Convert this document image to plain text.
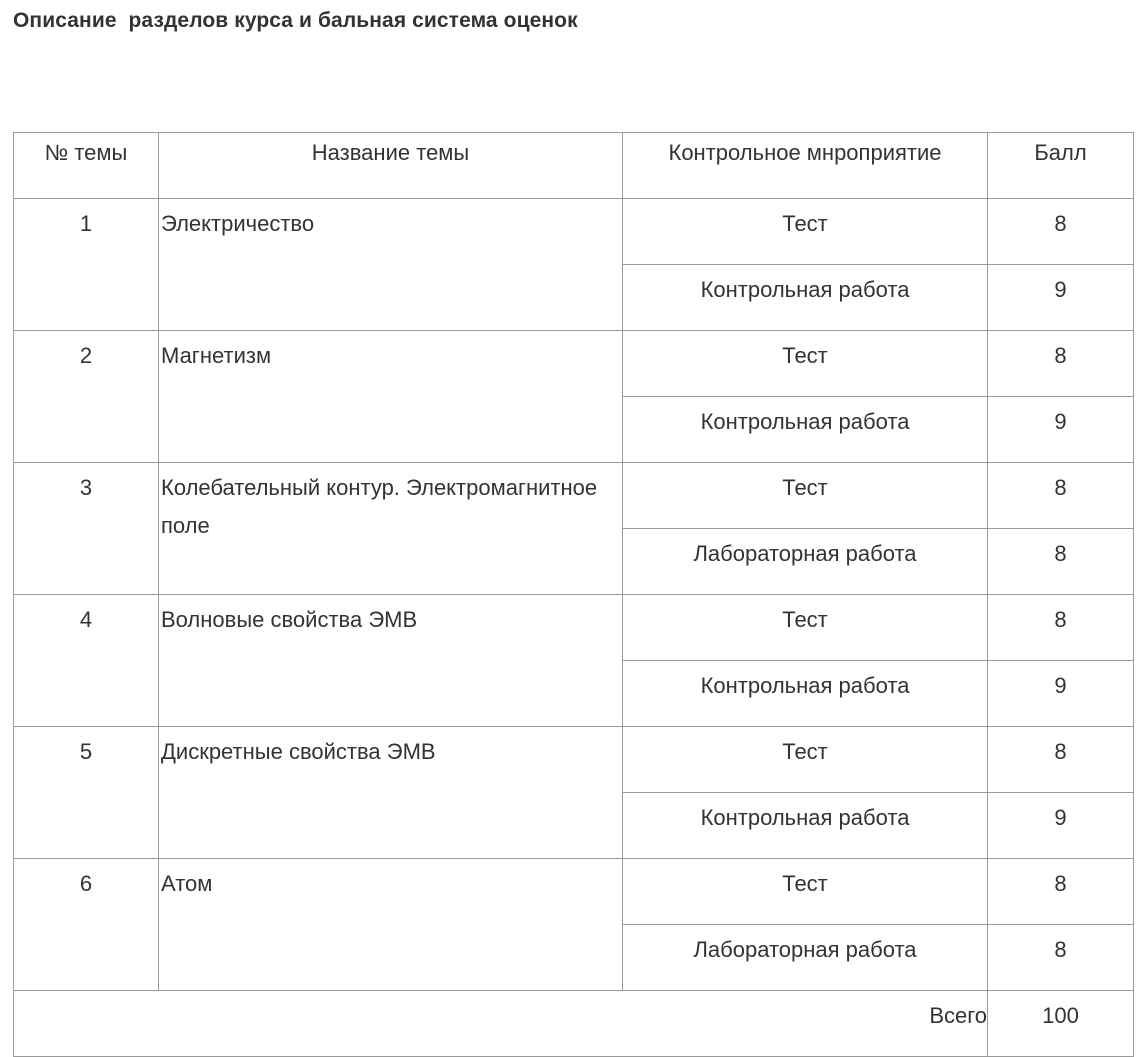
Описание  разделов курса и бальная система оценок
№ темы	Название темы	Контрольное мнроприятие	Балл
1	Электричество	Тест	8
		Контрольная работа	9
2	Магнетизм	Тест	8
		Контрольная работа	9
3	Колебательный контур. Электромагнитное поле	Тест	8
		Лабораторная работа	8
4	Волновые свойства ЭМВ	Тест	8
		Контрольная работа	9
5	Дискретные свойства ЭМВ	Тест	8
		Контрольная работа	9
6	Атом	Тест	8
		Лабораторная работа	8
Всего			100
